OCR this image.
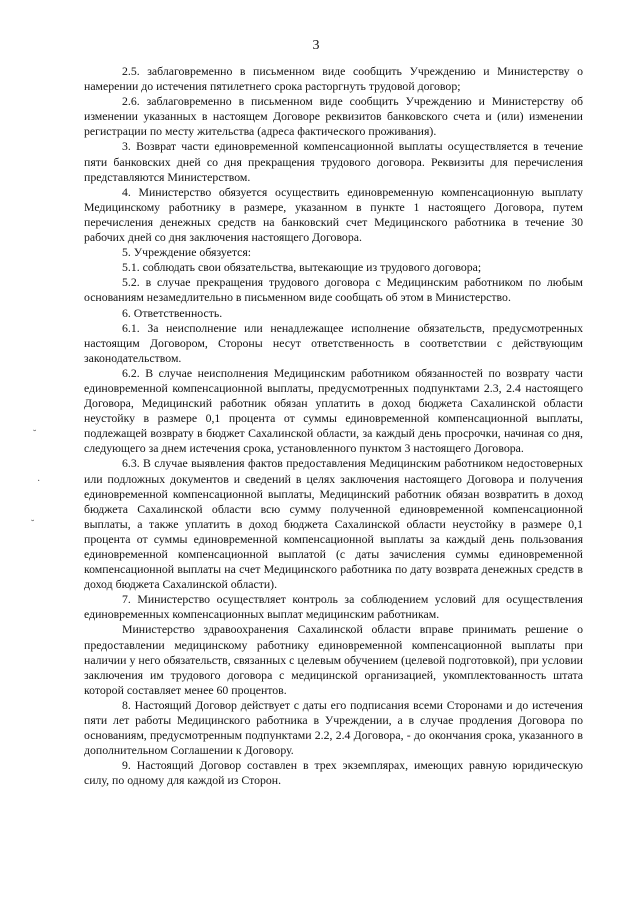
3

2.5. заблаговременно в письменном виде сообщить Учреждению и Министерству о намерении до истечения пятилетнего срока расторгнуть трудовой договор;

2.6. заблаговременно в письменном виде сообщить Учреждению и Министерству об изменении указанных в настоящем Договоре реквизитов банковского счета и (или) изменении регистрации по месту жительства (адреса фактического проживания).

3. Возврат части единовременной компенсационной выплаты осуществляется в течение пяти банковских дней со дня прекращения трудового договора. Реквизиты для перечисления представляются Министерством.

4. Министерство обязуется осуществить единовременную компенсационную выплату Медицинскому работнику в размере, указанном в пункте 1 настоящего Договора, путем перечисления денежных средств на банковский счет Медицинского работника в течение 30 рабочих дней со дня заключения настоящего Договора.

5. Учреждение обязуется:

5.1. соблюдать свои обязательства, вытекающие из трудового договора;

5.2. в случае прекращения трудового договора с Медицинским работником по любым основаниям незамедлительно в письменном виде сообщать об этом в Министерство.

6. Ответственность.

6.1. За неисполнение или ненадлежащее исполнение обязательств, предусмотренных настоящим Договором, Стороны несут ответственность в соответствии с действующим законодательством.

6.2. В случае неисполнения Медицинским работником обязанностей по возврату части единовременной компенсационной выплаты, предусмотренных подпунктами 2.3, 2.4 настоящего Договора, Медицинский работник обязан уплатить в доход бюджета Сахалинской области неустойку в размере 0,1 процента от суммы единовременной компенсационной выплаты, подлежащей возврату в бюджет Сахалинской области, за каждый день просрочки, начиная со дня, следующего за днем истечения срока, установленного пунктом 3 настоящего Договора.

6.3. В случае выявления фактов предоставления Медицинским работником недостоверных или подложных документов и сведений в целях заключения настоящего Договора и получения единовременной компенсационной выплаты, Медицинский работник обязан возвратить в доход бюджета Сахалинской области всю сумму полученной единовременной компенсационной выплаты, а также уплатить в доход бюджета Сахалинской области неустойку в размере 0,1 процента от суммы единовременной компенсационной выплаты за каждый день пользования единовременной компенсационной выплатой (с даты зачисления суммы единовременной компенсационной выплаты на счет Медицинского работника по дату возврата денежных средств в доход бюджета Сахалинской области).

7. Министерство осуществляет контроль за соблюдением условий для осуществления единовременных компенсационных выплат медицинским работникам.

Министерство здравоохранения Сахалинской области вправе принимать решение о предоставлении медицинскому работнику единовременной компенсационной выплаты при наличии у него обязательств, связанных с целевым обучением (целевой подготовкой), при условии заключения им трудового договора с медицинской организацией, укомплектованность штата которой составляет менее 60 процентов.

8. Настоящий Договор действует с даты его подписания всеми Сторонами и до истечения пяти лет работы Медицинского работника в Учреждении, а в случае продления Договора по основаниям, предусмотренным подпунктами 2.2, 2.4 Договора, - до окончания срока, указанного в дополнительном Соглашении к Договору.

9. Настоящий Договор составлен в трех экземплярах, имеющих равную юридическую силу, по одному для каждой из Сторон.

˘
·
˘
